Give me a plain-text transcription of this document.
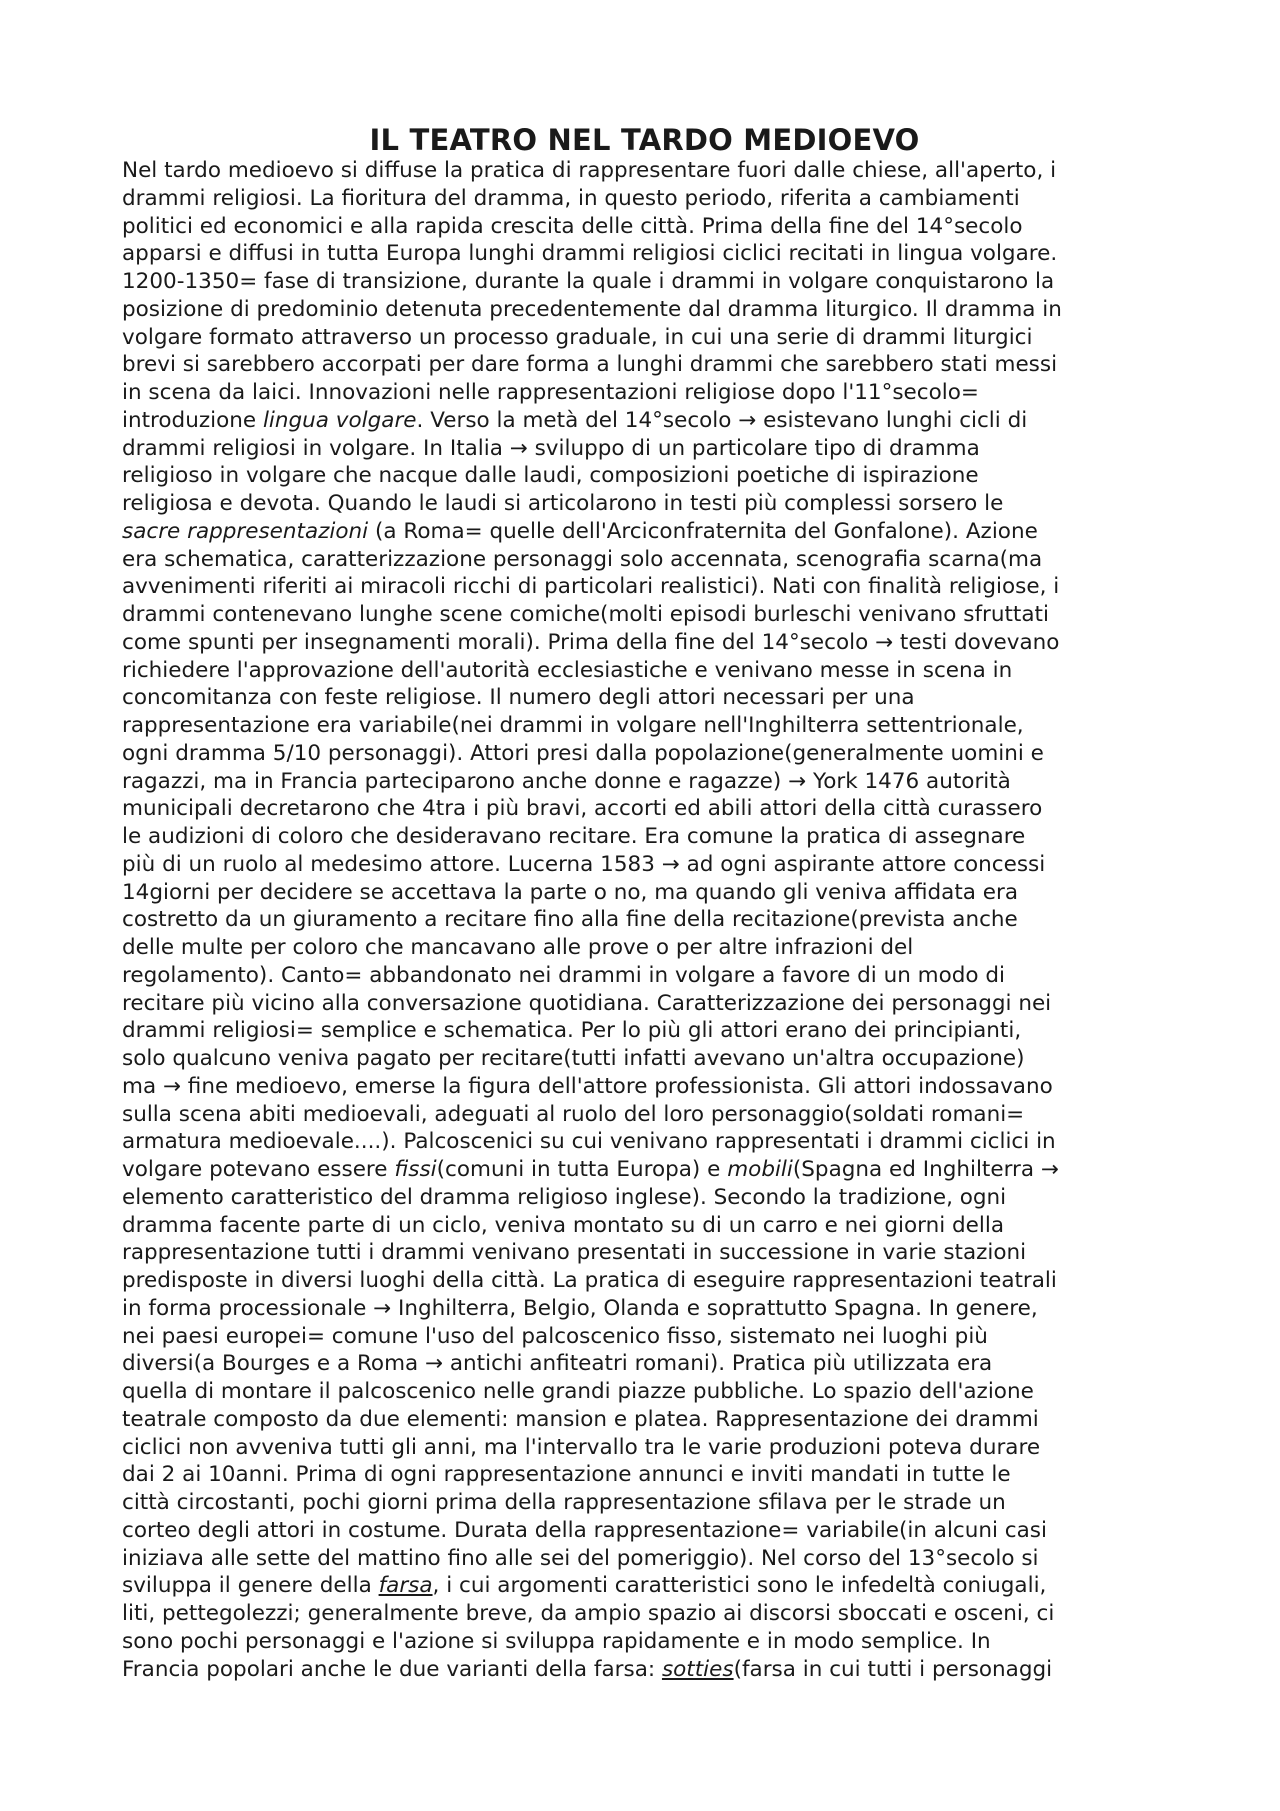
IL TEATRO NEL TARDO MEDIOEVO
Nel tardo medioevo si diffuse la pratica di rappresentare fuori dalle chiese, all'aperto, i
drammi religiosi. La fioritura del dramma, in questo periodo, riferita a cambiamenti
politici ed economici e alla rapida crescita delle città. Prima della fine del 14°secolo
apparsi e diffusi in tutta Europa lunghi drammi religiosi ciclici recitati in lingua volgare.
1200-1350= fase di transizione, durante la quale i drammi in volgare conquistarono la
posizione di predominio detenuta precedentemente dal dramma liturgico. Il dramma in
volgare formato attraverso un processo graduale, in cui una serie di drammi liturgici
brevi si sarebbero accorpati per dare forma a lunghi drammi che sarebbero stati messi
in scena da laici. Innovazioni nelle rappresentazioni religiose dopo l'11°secolo=
introduzione lingua volgare. Verso la metà del 14°secolo → esistevano lunghi cicli di
drammi religiosi in volgare. In Italia → sviluppo di un particolare tipo di dramma
religioso in volgare che nacque dalle laudi, composizioni poetiche di ispirazione
religiosa e devota. Quando le laudi si articolarono in testi più complessi sorsero le
sacre rappresentazioni (a Roma= quelle dell'Arciconfraternita del Gonfalone). Azione
era schematica, caratterizzazione personaggi solo accennata, scenografia scarna(ma
avvenimenti riferiti ai miracoli ricchi di particolari realistici). Nati con finalità religiose, i
drammi contenevano lunghe scene comiche(molti episodi burleschi venivano sfruttati
come spunti per insegnamenti morali). Prima della fine del 14°secolo → testi dovevano
richiedere l'approvazione dell'autorità ecclesiastiche e venivano messe in scena in
concomitanza con feste religiose. Il numero degli attori necessari per una
rappresentazione era variabile(nei drammi in volgare nell'Inghilterra settentrionale,
ogni dramma 5/10 personaggi). Attori presi dalla popolazione(generalmente uomini e
ragazzi, ma in Francia parteciparono anche donne e ragazze) → York 1476 autorità
municipali decretarono che 4tra i più bravi, accorti ed abili attori della città curassero
le audizioni di coloro che desideravano recitare. Era comune la pratica di assegnare
più di un ruolo al medesimo attore. Lucerna 1583 → ad ogni aspirante attore concessi
14giorni per decidere se accettava la parte o no, ma quando gli veniva affidata era
costretto da un giuramento a recitare fino alla fine della recitazione(prevista anche
delle multe per coloro che mancavano alle prove o per altre infrazioni del
regolamento). Canto= abbandonato nei drammi in volgare a favore di un modo di
recitare più vicino alla conversazione quotidiana. Caratterizzazione dei personaggi nei
drammi religiosi= semplice e schematica. Per lo più gli attori erano dei principianti,
solo qualcuno veniva pagato per recitare(tutti infatti avevano un'altra occupazione)
ma → fine medioevo, emerse la figura dell'attore professionista. Gli attori indossavano
sulla scena abiti medioevali, adeguati al ruolo del loro personaggio(soldati romani=
armatura medioevale....). Palcoscenici su cui venivano rappresentati i drammi ciclici in
volgare potevano essere fissi(comuni in tutta Europa) e mobili(Spagna ed Inghilterra →
elemento caratteristico del dramma religioso inglese). Secondo la tradizione, ogni
dramma facente parte di un ciclo, veniva montato su di un carro e nei giorni della
rappresentazione tutti i drammi venivano presentati in successione in varie stazioni
predisposte in diversi luoghi della città. La pratica di eseguire rappresentazioni teatrali
in forma processionale → Inghilterra, Belgio, Olanda e soprattutto Spagna. In genere,
nei paesi europei= comune l'uso del palcoscenico fisso, sistemato nei luoghi più
diversi(a Bourges e a Roma → antichi anfiteatri romani). Pratica più utilizzata era
quella di montare il palcoscenico nelle grandi piazze pubbliche. Lo spazio dell'azione
teatrale composto da due elementi: mansion e platea. Rappresentazione dei drammi
ciclici non avveniva tutti gli anni, ma l'intervallo tra le varie produzioni poteva durare
dai 2 ai 10anni. Prima di ogni rappresentazione annunci e inviti mandati in tutte le
città circostanti, pochi giorni prima della rappresentazione sfilava per le strade un
corteo degli attori in costume. Durata della rappresentazione= variabile(in alcuni casi
iniziava alle sette del mattino fino alle sei del pomeriggio). Nel corso del 13°secolo si
sviluppa il genere della farsa, i cui argomenti caratteristici sono le infedeltà coniugali,
liti, pettegolezzi; generalmente breve, da ampio spazio ai discorsi sboccati e osceni, ci
sono pochi personaggi e l'azione si sviluppa rapidamente e in modo semplice. In
Francia popolari anche le due varianti della farsa: sotties(farsa in cui tutti i personaggi
